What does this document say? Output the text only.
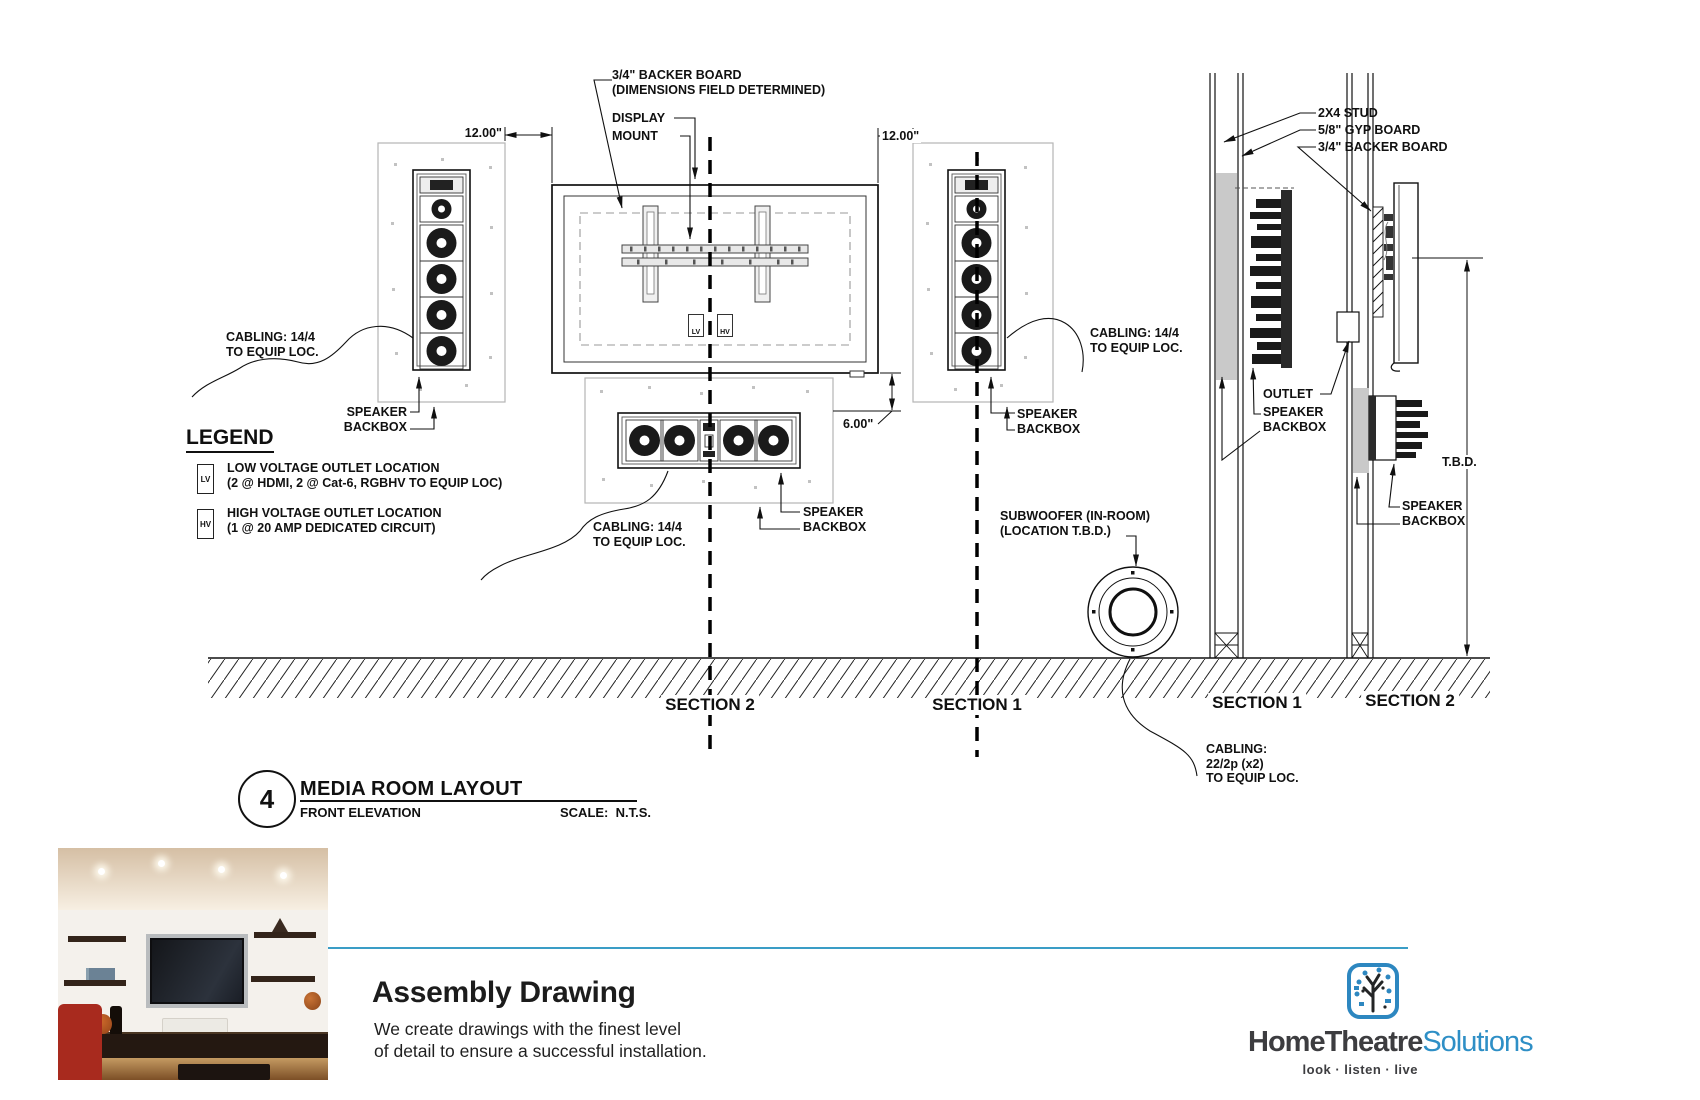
3/4" BACKER BOARD
(DIMENSIONS FIELD DETERMINED)
DISPLAY
MOUNT
12.00"	12.00"
6.00"
T.B.D.
CABLING: 14/4
TO EQUIP LOC.
SPEAKER
BACKBOX
CABLING: 14/4
TO EQUIP LOC.
SPEAKER
BACKBOX
SPEAKER
BACKBOX
CABLING: 14/4
TO EQUIP LOC.
2X4 STUD
5/8" GYP BOARD
3/4" BACKER BOARD
OUTLET
SPEAKER
BACKBOX
SPEAKER
BACKBOX
SUBWOOFER (IN-ROOM)
(LOCATION T.B.D.)
CABLING:
22/2p (x2)
TO EQUIP LOC.
SECTION 2	SECTION 1	SECTION 1	SECTION 2
LV	HV
LEGEND
LV
LOW VOLTAGE OUTLET LOCATION
(2 @ HDMI, 2 @ Cat-6, RGBHV TO EQUIP LOC)
HV
HIGH VOLTAGE OUTLET LOCATION
(1 @ 20 AMP DEDICATED CIRCUIT)
4	MEDIA ROOM LAYOUT
FRONT ELEVATION	SCALE:  N.T.S.
Assembly Drawing
We create drawings with the finest level
of detail to ensure a successful installation.	HomeTheatreSolutions
look · listen · live
